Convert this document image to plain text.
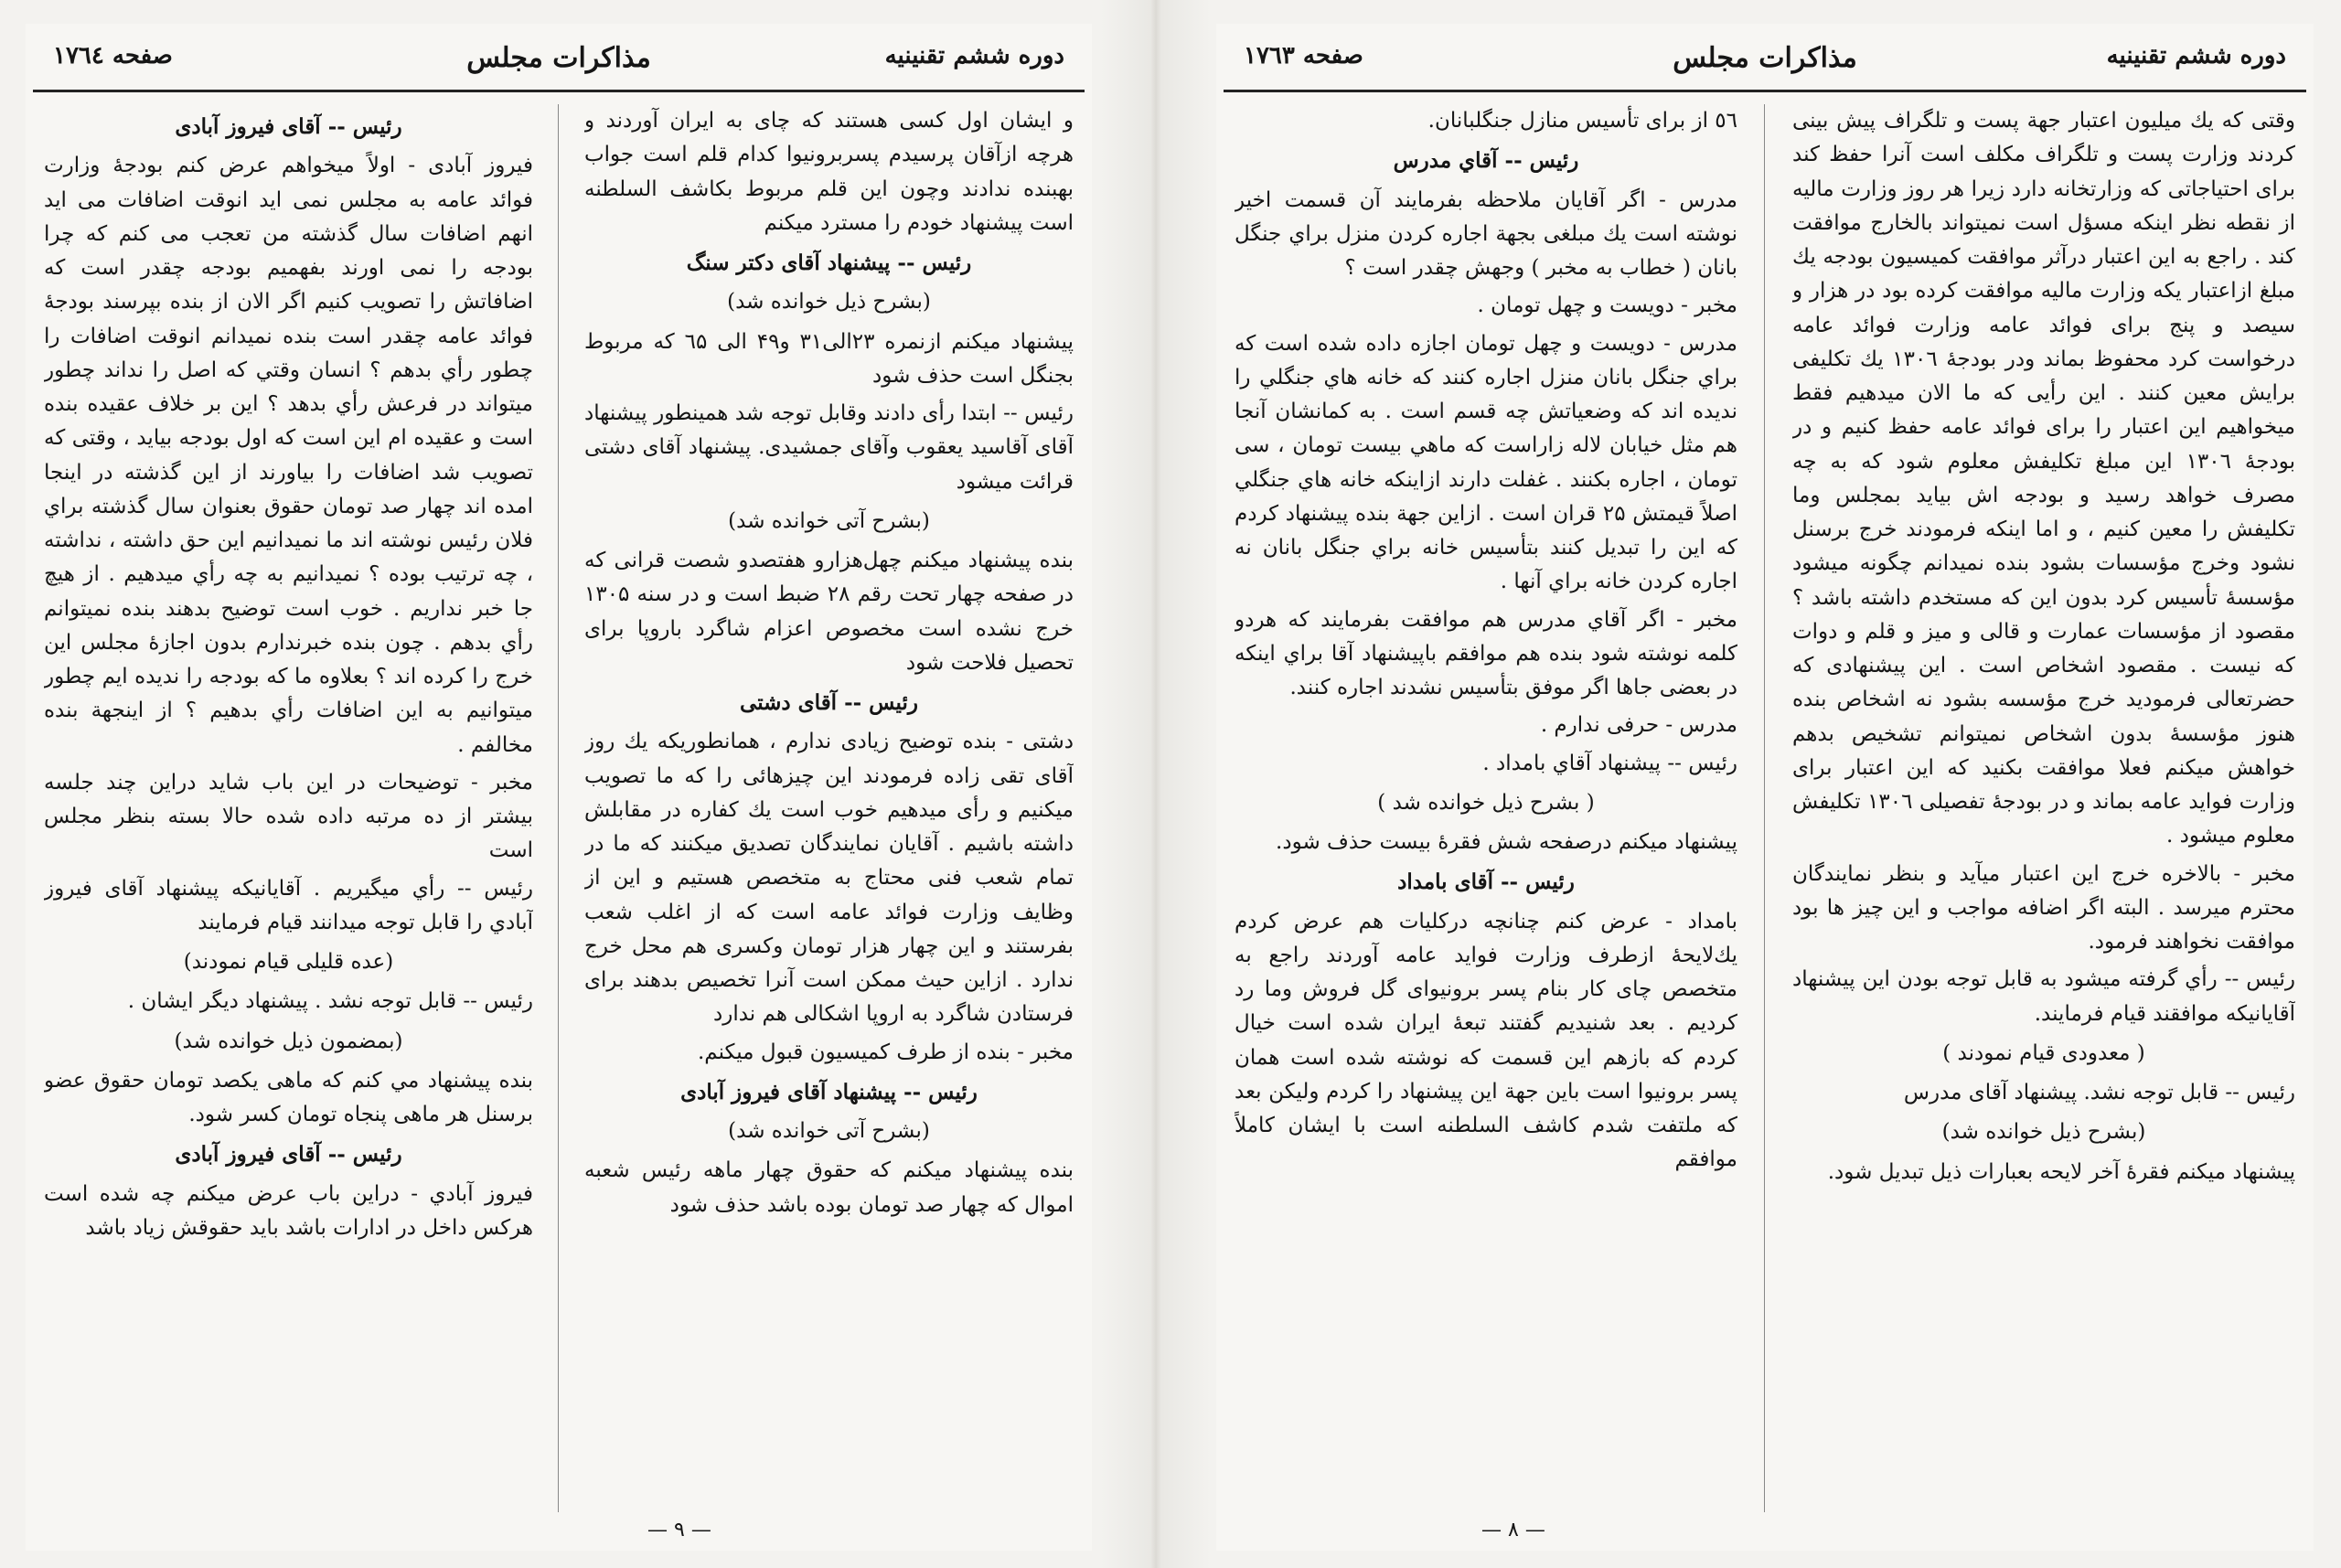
دوره ششم تقنینیه
مذاکرات مجلس
صفحه ۱۷٦٤

و ایشان اول کسی هستند که چای به ایران آوردند و هرچه ازآقان پرسیدم پسربرونیوا کدام قلم است جواب بهبنده ندادند وچون این قلم مربوط بکاشف السلطنه است پیشنهاد خودم را مسترد میکنم

رئیس -- پیشنهاد آقای دکتر سنگ

(بشرح ذیل خوانده شد)

پیشنهاد میکنم ازنمره ۲۳الی۳۱ و۴۹ الی ٦۵ که مربوط بجنگل است حذف شود

رئیس -- ابتدا رأی دادند وقابل توجه شد همینطور پیشنهاد آقای آقاسید یعقوب وآقای جمشیدی. پیشنهاد آقای دشتی قرائت میشود

(بشرح آتی خوانده شد)

بنده پیشنهاد میکنم چهل‌هزارو هفتصدو شصت قرانی که در صفحه چهار تحت رقم ۲۸ ضبط است و در سنه ۱۳۰۵ خرج نشده است مخصوص اعزام شاگرد باروپا برای تحصیل فلاحت شود

رئیس -- آقای دشتی

دشتی - بنده توضیح زیادی ندارم ، همانطوریکه یك روز آقای تقی زاده فرمودند این چیزهائی را که ما تصویب میکنیم و رأی میدهیم خوب است یك کفاره در مقابلش داشته باشیم . آقایان نمایندگان تصدیق میکنند که ما در تمام شعب فنی محتاج به متخصص هستیم و این از وظایف وزارت فوائد عامه است که از اغلب شعب بفرستند و این چهار هزار تومان وکسری هم محل خرج ندارد . ازاین حیث ممکن است آنرا تخصیص بدهند برای فرستادن شاگرد به اروپا اشکالی هم ندارد

مخبر - بنده از طرف کمیسیون قبول میکنم.

رئیس -- پیشنهاد آقای فیروز آبادی

(بشرح آتی خوانده شد)

بنده پیشنهاد میکنم که حقوق چهار ماهه رئیس شعبه اموال که چهار صد تومان بوده باشد حذف شود

رئیس -- آقای فیروز آبادی

فیروز آبادی - اولاً میخواهم عرض کنم بودجهٔ وزارت فوائد عامه به مجلس نمی اید انوقت اضافات می اید انهم اضافات سال گذشته من تعجب می کنم که چرا بودجه را نمی اورند بفهمیم بودجه چقدر است که اضافاتش را تصویب کنیم اگر الان از بنده بپرسند بودجهٔ فوائد عامه چقدر است بنده نمیدانم انوقت اضافات را چطور رأي بدهم ؟ انسان وقتي که اصل را نداند چطور میتواند در فرعش رأي بدهد ؟ این بر خلاف عقیده بنده است و عقیده ام این است که اول بودجه بیاید ، وقتی که تصویب شد اضافات را بیاورند از این گذشته در اینجا امده اند چهار صد تومان حقوق بعنوان سال گذشته براي فلان رئیس نوشته اند ما نمیدانیم این حق داشته ، نداشته ، چه ترتیب بوده ؟ نمیدانیم به چه رأي میدهیم . از هیچ جا خبر نداریم . خوب است توضیح بدهند بنده نمیتوانم رأي بدهم . چون بنده خبرندارم بدون اجازهٔ مجلس این خرج را کرده اند ؟ بعلاوه ما که بودجه را ندیده ایم چطور میتوانیم به این اضافات رأي بدهیم ؟ از اینجهة بنده مخالفم .

مخبر - توضیحات در این باب شاید دراین چند جلسه بیشتر از ده مرتبه داده شده حالا بسته بنظر مجلس است

رئیس -- رأي میگیریم . آقایانیکه پیشنهاد آقای فیروز آبادي را قابل توجه میدانند قیام فرمایند

(عده قلیلی قیام نمودند)

رئیس -- قابل توجه نشد . پیشنهاد دیگر ایشان .

(بمضمون ذیل خوانده شد)

بنده پیشنهاد مي کنم که ماهی یکصد تومان حقوق عضو برسنل هر ماهی پنجاه تومان کسر شود.

رئیس -- آقای فیروز آبادی

فیروز آبادي - دراین باب عرض میکنم چه شده است هرکس داخل در ادارات باشد باید حقوقش زیاد باشد

— ۹ —
دوره ششم تقنینیه
مذاکرات مجلس
صفحه ۱۷٦۳

وقتی که یك میلیون اعتبار جهة پست و تلگراف پیش بینی کردند وزارت پست و تلگراف مکلف است آنرا حفظ کند برای احتیاجاتی که وزارتخانه دارد زیرا هر روز وزارت مالیه از نقطه نظر اینکه مسؤل است نمیتواند بالخارج موافقت کند . راجع به این اعتبار درآثر موافقت کمیسیون بودجه یك مبلغ ازاعتبار یکه وزارت مالیه موافقت کرده بود در هزار و سیصد و پنج برای فوائد عامه وزارت فوائد عامه درخواست کرد محفوظ بماند ودر بودجهٔ ۱۳۰٦ یك تکلیفی برایش معین کنند . این رأیی که ما الان میدهیم فقط میخواهیم این اعتبار را برای فوائد عامه حفظ کنیم و در بودجهٔ ۱۳۰٦ این مبلغ تکلیفش معلوم شود که به چه مصرف خواهد رسید و بودجه اش بیاید بمجلس وما تکلیفش را معین کنیم ، و اما اینکه فرمودند خرج برسنل نشود وخرج مؤسسات بشود بنده نمیدانم چگونه میشود مؤسسهٔ تأسیس کرد بدون این که مستخدم داشته باشد ؟ مقصود از مؤسسات عمارت و قالی و میز و قلم و دوات که نیست . مقصود اشخاص است . این پیشنهادی که حضرتعالی فرمودید خرج مؤسسه بشود نه اشخاص بنده هنوز مؤسسهٔ بدون اشخاص نمیتوانم تشخیص بدهم خواهش میکنم فعلا موافقت بکنید که این اعتبار برای وزارت فواید عامه بماند و در بودجهٔ تفصیلی ۱۳۰٦ تکلیفش معلوم میشود .

مخبر - بالاخره خرج این اعتبار میآید و بنظر نمایندگان محترم میرسد . البته اگر اضافه مواجب و این چیز ها بود موافقت نخواهند فرمود.

رئیس -- رأي گرفته میشود به قابل توجه بودن این پیشنهاد آقایانیکه موافقند قیام فرمایند.

( معدودی قیام نمودند )

رئیس -- قابل توجه نشد. پیشنهاد آقای مدرس

(بشرح ذیل خوانده شد)

پیشنهاد میکنم فقرهٔ آخر لایحه بعبارات ذیل تبدیل شود.

٥٦ از برای تأسیس منازل جنگلبانان.

رئیس -- آقاي مدرس

مدرس - اگر آقایان ملاحظه بفرمایند آن قسمت اخیر نوشته است یك مبلغی بجهة اجاره کردن منزل براي جنگل بانان ( خطاب به مخبر ) وجهش چقدر است ؟

مخبر - دویست و چهل تومان .

مدرس - دویست و چهل تومان اجازه داده شده است که براي جنگل بانان منزل اجاره کنند که خانه هاي جنگلي را ندیده اند که وضعیاتش چه قسم است . به کمانشان آنجا هم مثل خیابان لاله زاراست که ماهي بیست تومان ، سی تومان ، اجاره بکنند . غفلت دارند ازاینکه خانه هاي جنگلي اصلاً قیمتش ۲۵ قران است . ازاین جهة بنده پیشنهاد کردم که این را تبدیل کنند بتأسیس خانه براي جنگل بانان نه اجاره کردن خانه براي آنها .

مخبر - اگر آقاي مدرس هم موافقت بفرمایند که هردو کلمه نوشته شود بنده هم موافقم باپیشنهاد آقا براي اینکه در بعضی جاها اگر موفق بتأسیس نشدند اجاره کنند.

مدرس - حرفی ندارم .

رئیس -- پیشنهاد آقاي بامداد .

( بشرح ذیل خوانده شد )

پیشنهاد میکنم درصفحه شش فقرهٔ بیست حذف شود.

رئیس -- آقای بامداد

بامداد - عرض کنم چنانچه درکلیات هم عرض کردم یك‌لایحهٔ ازطرف وزارت فواید عامه آوردند راجع به متخصص چای کار بنام پسر برونیوای گل فروش وما رد کردیم . بعد شنیدیم گفتند تبعهٔ ایران شده است خیال کردم که بازهم این قسمت که نوشته شده است همان پسر برونیوا است باین جهة این پیشنهاد را کردم ولیکن بعد که ملتفت شدم کاشف السلطنه است با ایشان کاملاً موافقم

— ۸ —
